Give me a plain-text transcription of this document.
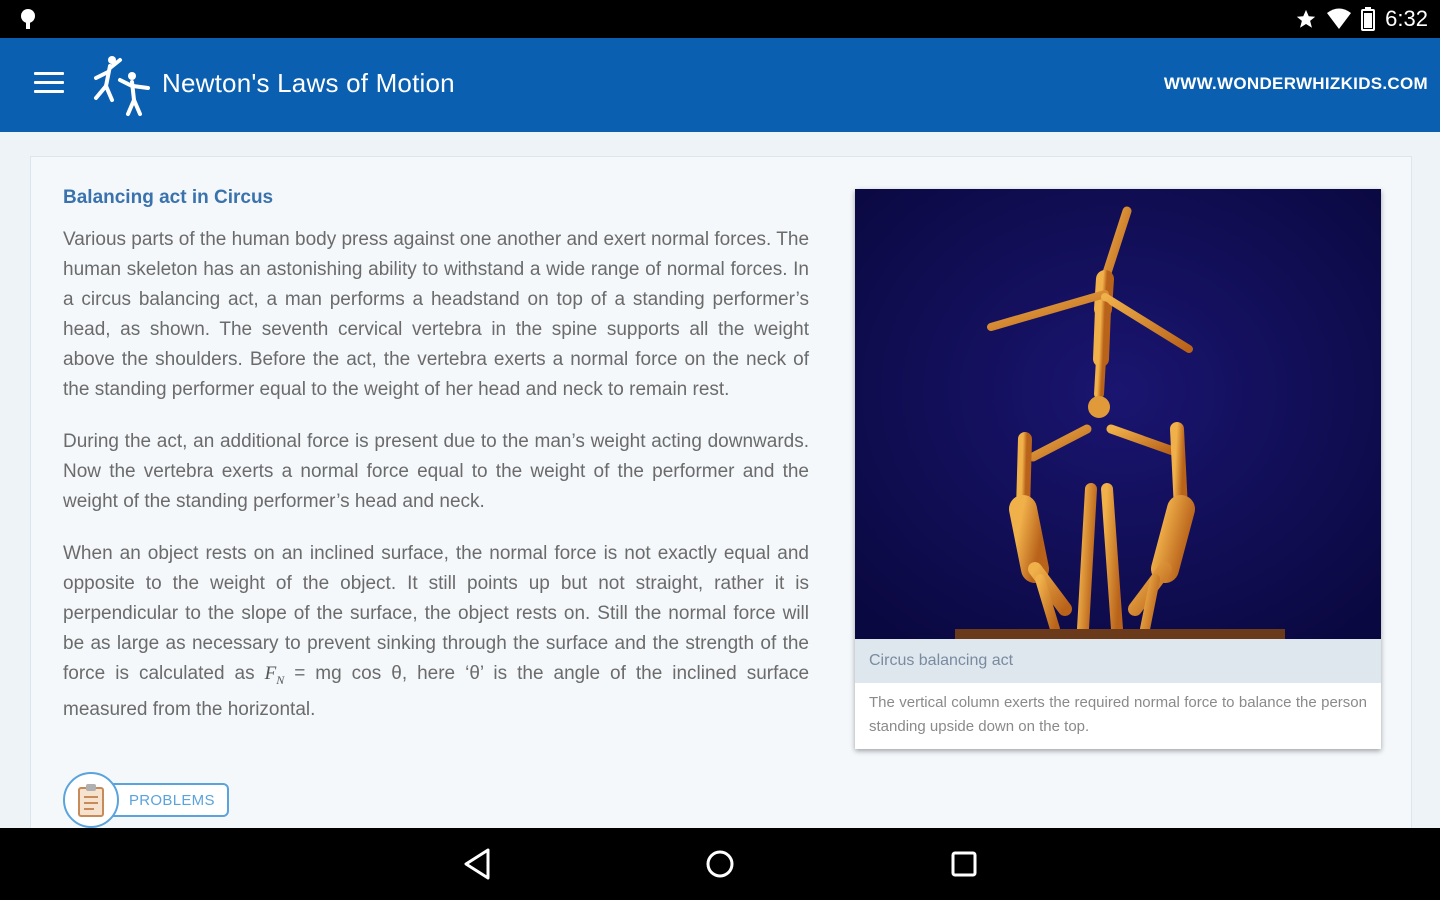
6:32
Newton's Laws of Motion	WWW.WONDERWHIZKIDS.COM
Balancing act in Circus

Various parts of the human body press against one another and exert normal forces. The human skeleton has an astonishing ability to withstand a wide range of normal forces. In a circus balancing act, a man performs a headstand on top of a standing performer’s head, as shown. The seventh cervical vertebra in the spine supports all the weight above the shoulders. Before the act, the vertebra exerts a normal force on the neck of the standing performer equal to the weight of her head and neck to remain rest.

During the act, an additional force is present due to the man’s weight acting downwards. Now the vertebra exerts a normal force equal to the weight of the performer and the weight of the standing performer’s head and neck.

When an object rests on an inclined surface, the normal force is not exactly equal and opposite to the weight of the object. It still points up but not straight, rather it is perpendicular to the slope of the surface, the object rests on. Still the normal force will be as large as necessary to prevent sinking through the surface and the strength of the force is calculated as $F_N$ = mg cos θ, here ‘θ’ is the angle of the inclined surface measured from the horizontal.

PROBLEMS
Circus balancing act
The vertical column exerts the required normal force to balance the person standing upside down on the top.
